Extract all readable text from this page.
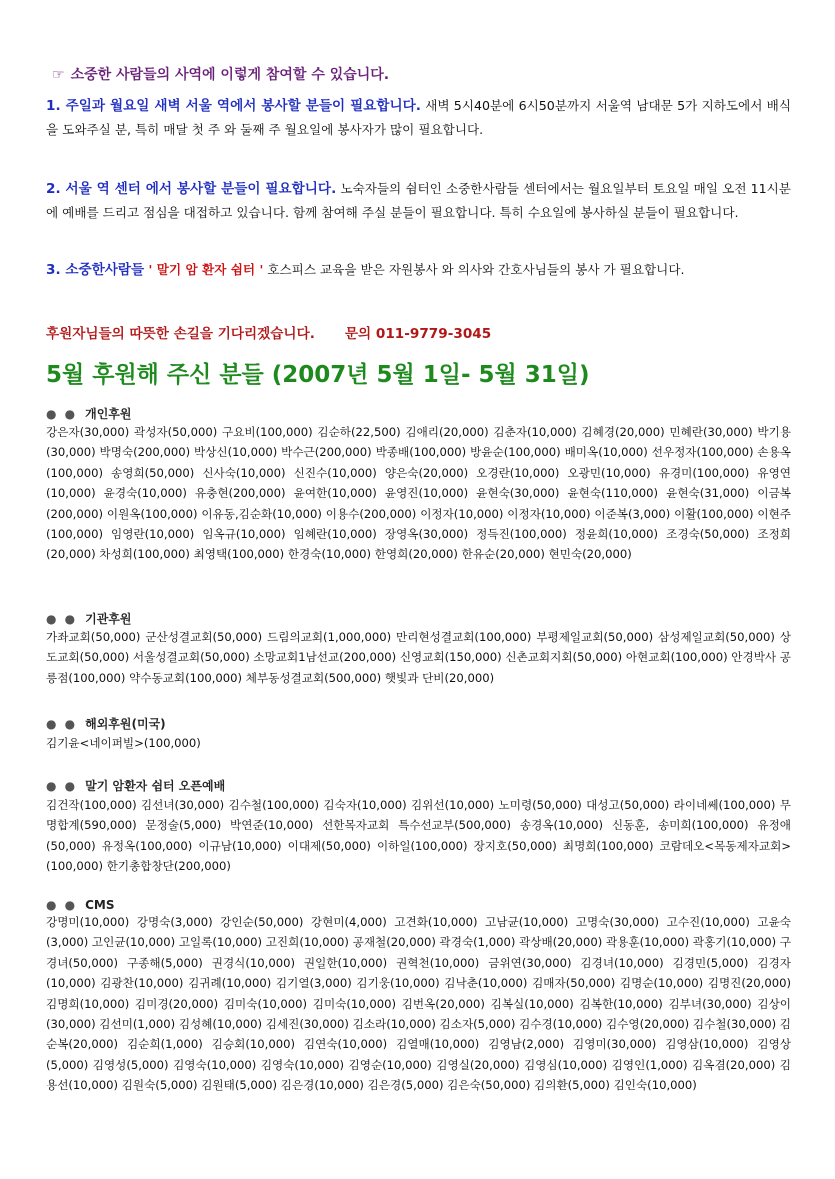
☞ 소중한 사람들의 사역에 이렇게 참여할 수 있습니다.
1. 주일과 월요일 새벽 서울 역에서 봉사할 분들이 필요합니다. 새벽 5시40분에 6시50분까지 서울역 남대문 5가 지하도에서 배식을 도와주실 분, 특히 매달 첫 주 와 둘째 주 월요일에 봉사자가 많이 필요합니다.
2. 서울 역 센터 에서 봉사할 분들이 필요합니다. 노숙자들의 쉼터인 소중한사람들 센터에서는 월요일부터 토요일 매일 오전 11시분에 예배를 드리고 점심을 대접하고 있습니다. 함께 참여해 주실 분들이 필요합니다. 특히 수요일에 봉사하실 분들이 필요합니다.
3. 소중한사람들 ' 말기 암 환자 쉼터 ' 호스피스 교육을 받은 자원봉사 와 의사와 간호사님들의 봉사 가 필요합니다.
후원자님들의 따뜻한 손길을 기다리겠습니다. 문의 011-9779-3045
5월 후원해 주신 분들 (2007년 5월 1일- 5월 31일)
● ● 개인후원
강은자(30,000) 곽성자(50,000) 구요비(100,000) 김순하(22,500) 김애리(20,000) 김춘자(10,000) 김혜경(20,000) 민혜란(30,000) 박기용(30,000) 박명숙(200,000) 박상신(10,000) 박수근(200,000) 박종배(100,000) 방윤순(100,000) 배미옥(10,000) 선우정자(100,000) 손용옥(100,000) 송영희(50,000) 신사숙(10,000) 신진수(10,000) 양은숙(20,000) 오경란(10,000) 오광민(10,000) 유경미(100,000) 유영연(10,000) 윤경숙(10,000) 유충현(200,000) 윤여한(10,000) 윤영진(10,000) 윤현숙(30,000) 윤현숙(110,000) 윤현숙(31,000) 이금복(200,000) 이원옥(100,000) 이유동,김순화(10,000) 이용수(200,000) 이정자(10,000) 이정자(10,000) 이준복(3,000) 이활(100,000) 이현주(100,000) 임영란(10,000) 임옥규(10,000) 임혜란(10,000) 장영옥(30,000) 정득진(100,000) 정윤희(10,000) 조경숙(50,000) 조정희(20,000) 차성희(100,000) 최영택(100,000) 한경숙(10,000) 한영희(20,000) 한유순(20,000) 현민숙(20,000)
● ● 기관후원
가좌교회(50,000) 군산성결교회(50,000) 드림의교회(1,000,000) 만리현성결교회(100,000) 부평제일교회(50,000) 삼성제일교회(50,000) 상도교회(50,000) 서울성결교회(50,000) 소망교회1남선교(200,000) 신영교회(150,000) 신촌교회지회(50,000) 아현교회(100,000) 안경박사 공릉점(100,000) 약수동교회(100,000) 체부동성결교회(500,000) 햇빛과 단비(20,000)
● ● 해외후원(미국)
김기윤<네이퍼빌>(100,000)
● ● 말기 암환자 쉼터 오픈예배
김건작(100,000) 김선녀(30,000) 김수철(100,000) 김숙자(10,000) 김위선(10,000) 노미령(50,000) 대성고(50,000) 라이네쎄(100,000) 무명합계(590,000) 문정술(5,000) 박연준(10,000) 선한목자교회 특수선교부(500,000) 송경옥(10,000) 신동훈, 송미희(100,000) 유정애(50,000) 유정옥(100,000) 이규남(10,000) 이대제(50,000) 이하일(100,000) 장지호(50,000) 최명희(100,000) 코람데오<목동제자교회>(100,000) 한기총합창단(200,000)
● ● CMS
강명미(10,000) 강명숙(3,000) 강인순(50,000) 강현미(4,000) 고견화(10,000) 고남균(10,000) 고명숙(30,000) 고수진(10,000) 고윤숙(3,000) 고인균(10,000) 고일록(10,000) 고진희(10,000) 공재철(20,000) 곽경숙(1,000) 곽상배(20,000) 곽용훈(10,000) 곽홍기(10,000) 구경녀(50,000) 구종해(5,000) 권경식(10,000) 권일한(10,000) 권혁천(10,000) 금위연(30,000) 김경녀(10,000) 김경민(5,000) 김경자(10,000) 김광찬(10,000) 김귀례(10,000) 김기열(3,000) 김기웅(10,000) 김낙춘(10,000) 김매자(50,000) 김명순(10,000) 김명진(20,000) 김명희(10,000) 김미경(20,000) 김미숙(10,000) 김미숙(10,000) 김번옥(20,000) 김복실(10,000) 김복한(10,000) 김부녀(30,000) 김상이(30,000) 김선미(1,000) 김성혜(10,000) 김세진(30,000) 김소라(10,000) 김소자(5,000) 김수경(10,000) 김수영(20,000) 김수철(30,000) 김순복(20,000) 김순희(1,000) 김승회(10,000) 김연숙(10,000) 김열매(10,000) 김영남(2,000) 김영미(30,000) 김영삼(10,000) 김영상(5,000) 김영성(5,000) 김영숙(10,000) 김영숙(10,000) 김영순(10,000) 김영실(20,000) 김영심(10,000) 김영인(1,000) 김옥겸(20,000) 김용선(10,000) 김원숙(5,000) 김원태(5,000) 김은경(10,000) 김은경(5,000) 김은숙(50,000) 김의환(5,000) 김인숙(10,000)
